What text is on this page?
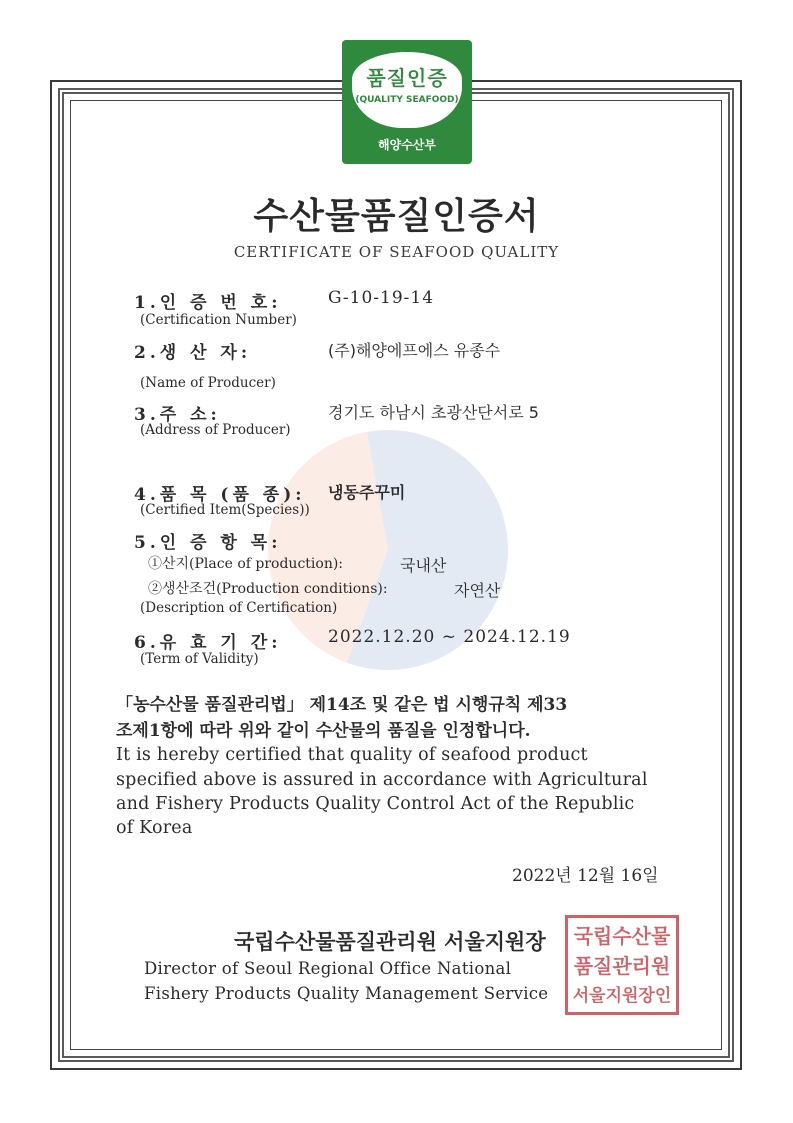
품질인증
(QUALITY SEAFOOD)
해양수산부
수산물품질인증서
CERTIFICATE OF SEAFOOD QUALITY
1.인 증 번 호:	G-10-19-14
(Certification Number)
2.생 산 자:	(주)해양에프에스 유종수
(Name of Producer)
3.주 소:	경기도 하남시 초광산단서로 5
(Address of Producer)
4.품 목 (품 종): 냉동주꾸미
(Certified Item(Species))
5.인 증 항 목:
①산지(Place of production):	국내산
②생산조건(Production conditions):	자연산
(Description of Certification)
6.유 효 기 간:	2022.12.20 ~ 2024.12.19
(Term of Validity)
「농수산물 품질관리법」 제14조 및 같은 법 시행규칙 제33
조제1항에 따라 위와 같이 수산물의 품질을 인정합니다.
It is hereby certified that quality of seafood product
specified above is assured in accordance with Agricultural
and Fishery Products Quality Control Act of the Republic
of Korea
2022년 12월 16일
국립수산물
품질관리원
서울지원장인
국립수산물품질관리원 서울지원장
Director of Seoul Regional Office National
Fishery Products Quality Management Service
